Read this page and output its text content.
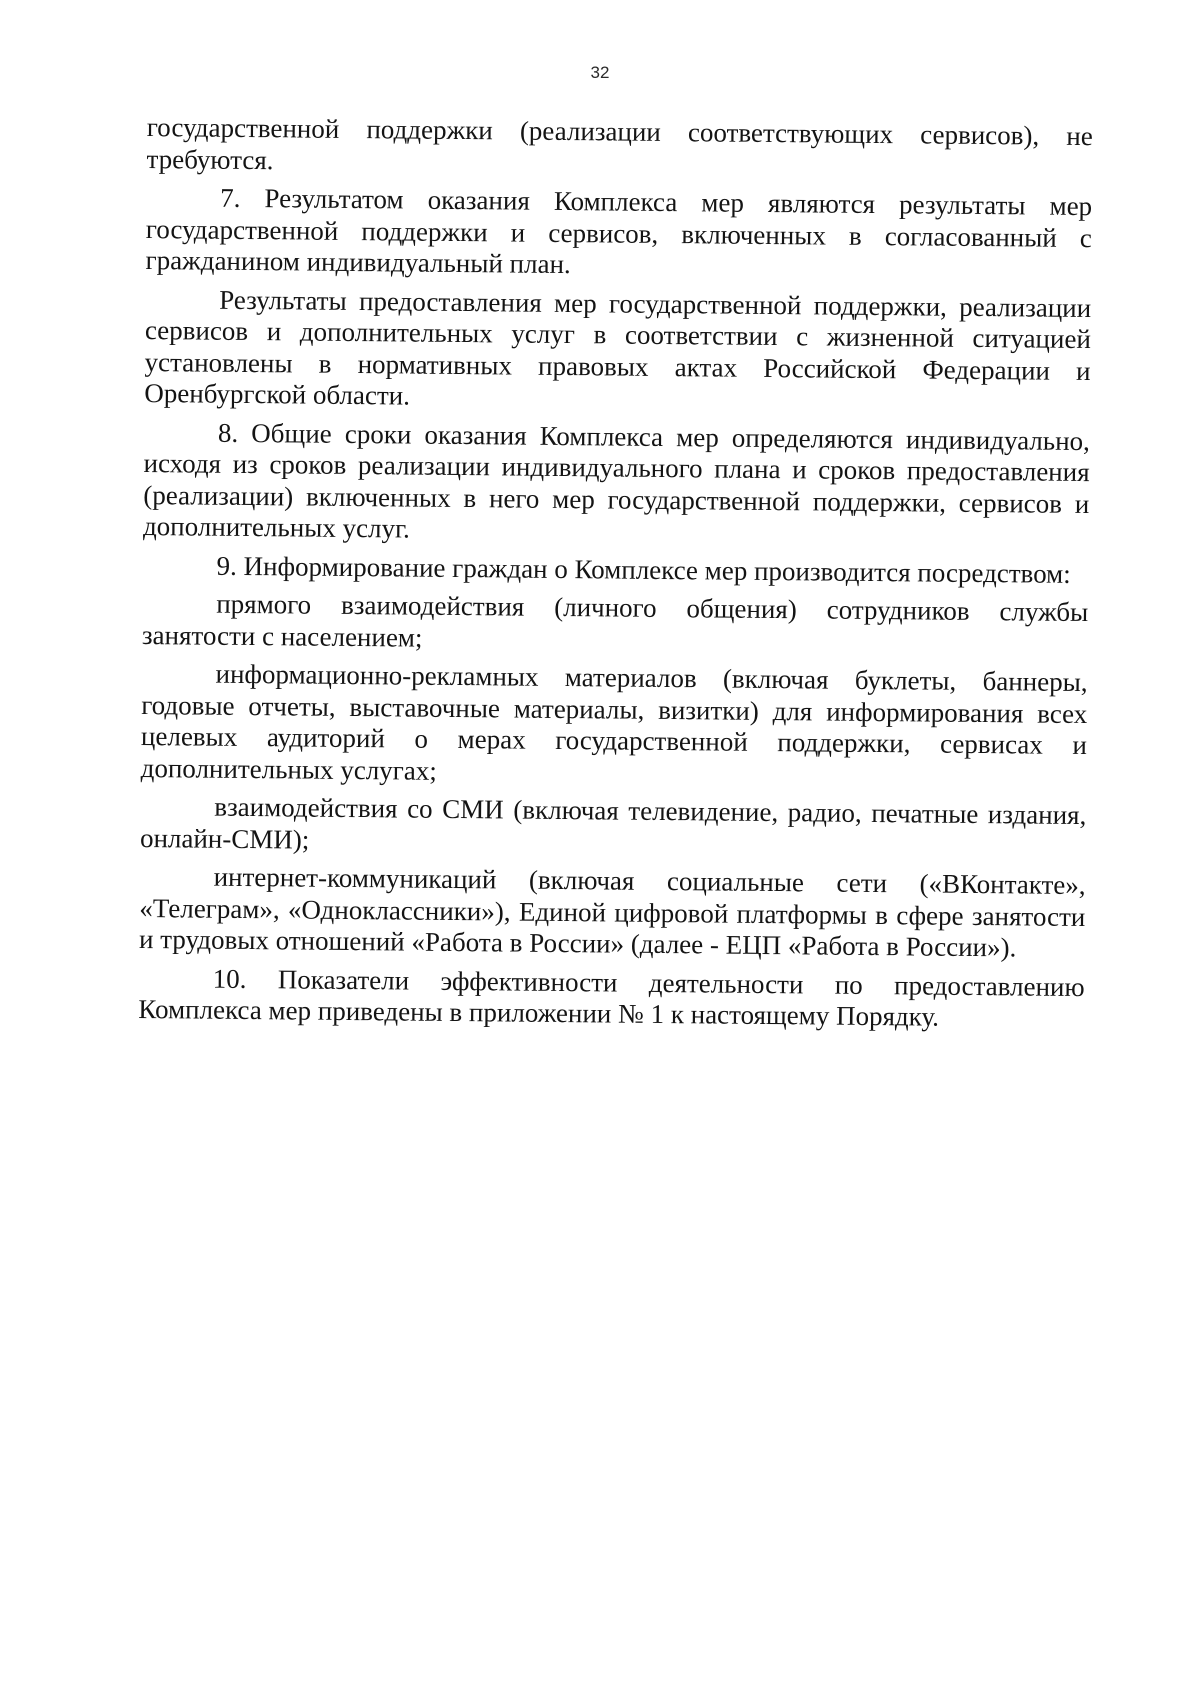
32

государственной поддержки (реализации соответствующих сервисов), не требуются.

7. Результатом оказания Комплекса мер являются результаты мер государственной поддержки и сервисов, включенных в согласованный с гражданином индивидуальный план.

Результаты предоставления мер государственной поддержки, реализации сервисов и дополнительных услуг в соответствии с жизненной ситуацией установлены в нормативных правовых актах Российской Федерации и Оренбургской области.

8. Общие сроки оказания Комплекса мер определяются индивидуально, исходя из сроков реализации индивидуального плана и сроков предоставления (реализации) включенных в него мер государственной поддержки, сервисов и дополнительных услуг.

9. Информирование граждан о Комплексе мер производится посредством:

прямого взаимодействия (личного общения) сотрудников службы занятости с населением;

информационно-рекламных материалов (включая буклеты, баннеры, годовые отчеты, выставочные материалы, визитки) для информирования всех целевых аудиторий о мерах государственной поддержки, сервисах и дополнительных услугах;

взаимодействия со СМИ (включая телевидение, радио, печатные издания, онлайн-СМИ);

интернет-коммуникаций (включая социальные сети («ВКонтакте», «Телеграм», «Одноклассники»), Единой цифровой платформы в сфере занятости и трудовых отношений «Работа в России» (далее - ЕЦП «Работа в России»).

10. Показатели эффективности деятельности по предоставлению Комплекса мер приведены в приложении № 1 к настоящему Порядку.
